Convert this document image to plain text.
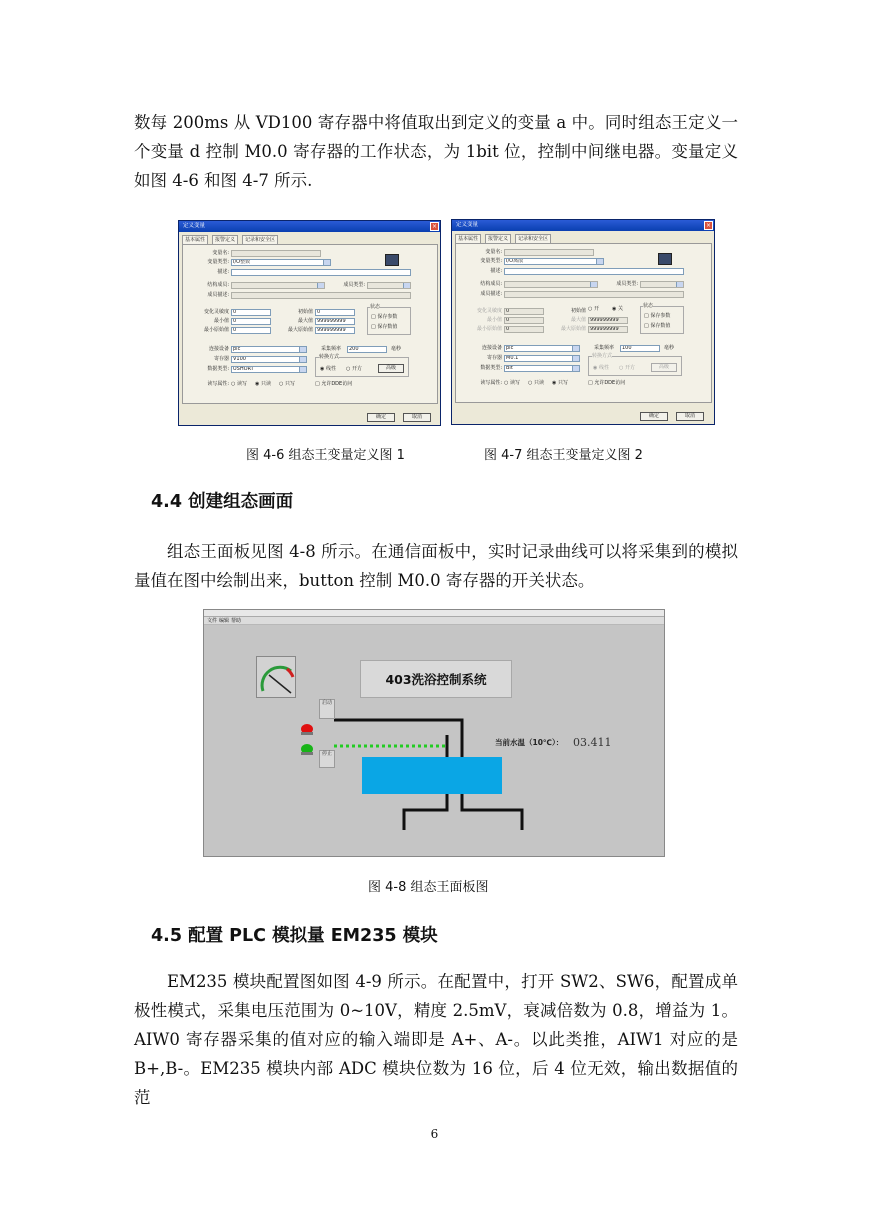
数每 200ms 从 VD100 寄存器中将值取出到定义的变量 a 中。同时组态王定义一个变量 d 控制 M0.0 寄存器的工作状态，为 1bit 位，控制中间继电器。变量定义如图 4-6 和图 4-7 所示.

定义变量	×
基本属性	报警定义	记录和安全区
变量名:
变量类型: I/O整数
描述:
结构成员:	成员类型:
成员描述:
变化灵敏度 0	初始值 0
最小值 0	最大值 999999999
最小原始值 0	最大原始值 999999999
状态
□ 保存参数
□ 保存数值
连接设备 plc	采集频率	200	毫秒
寄存器 V100
数据类型: USHORT
转换方式
◉ 线性 ○ 开方	高级
读写属性: ○ 读写 ◉ 只读 ○ 只写	□ 允许DDE访问
确定	取消
定义变量	×
基本属性	报警定义	记录和安全区
变量名:
变量类型: I/O离散
描述:
结构成员:	成员类型:
成员描述:
变化灵敏度 0	初始值 ○ 开	◉ 关
最小值 0	最大值 999999999
最小原始值 0	最大原始值 999999999
状态
□ 保存参数
□ 保存数值
连接设备 plc	采集频率	100	毫秒
寄存器 M0.1
数据类型: Bit
转换方式
◉ 线性 ○ 开方	高级
读写属性: ○ 读写 ○ 只读 ◉ 只写	□ 允许DDE访问
确定	取消
图 4-6 组态王变量定义图 1	图 4-7 组态王变量定义图 2
4.4 创建组态画面

组态王面板见图 4-8 所示。在通信面板中，实时记录曲线可以将采集到的模拟量值在图中绘制出来，button 控制 M0.0 寄存器的开关状态。

文件 编辑 帮助
403洗浴控制系统
启动
停止
当前水温（10℃）： 03.411
图 4-8 组态王面板图
4.5 配置 PLC 模拟量 EM235 模块

EM235 模块配置图如图 4-9 所示。在配置中，打开 SW2、SW6，配置成单极性模式，采集电压范围为 0~10V，精度 2.5mV，衰减倍数为 0.8，增益为 1。AIW0 寄存器采集的值对应的输入端即是 A+、A-。以此类推，AIW1 对应的是 B+,B-。EM235 模块内部 ADC 模块位数为 16 位，后 4 位无效，输出数据值的范

6
